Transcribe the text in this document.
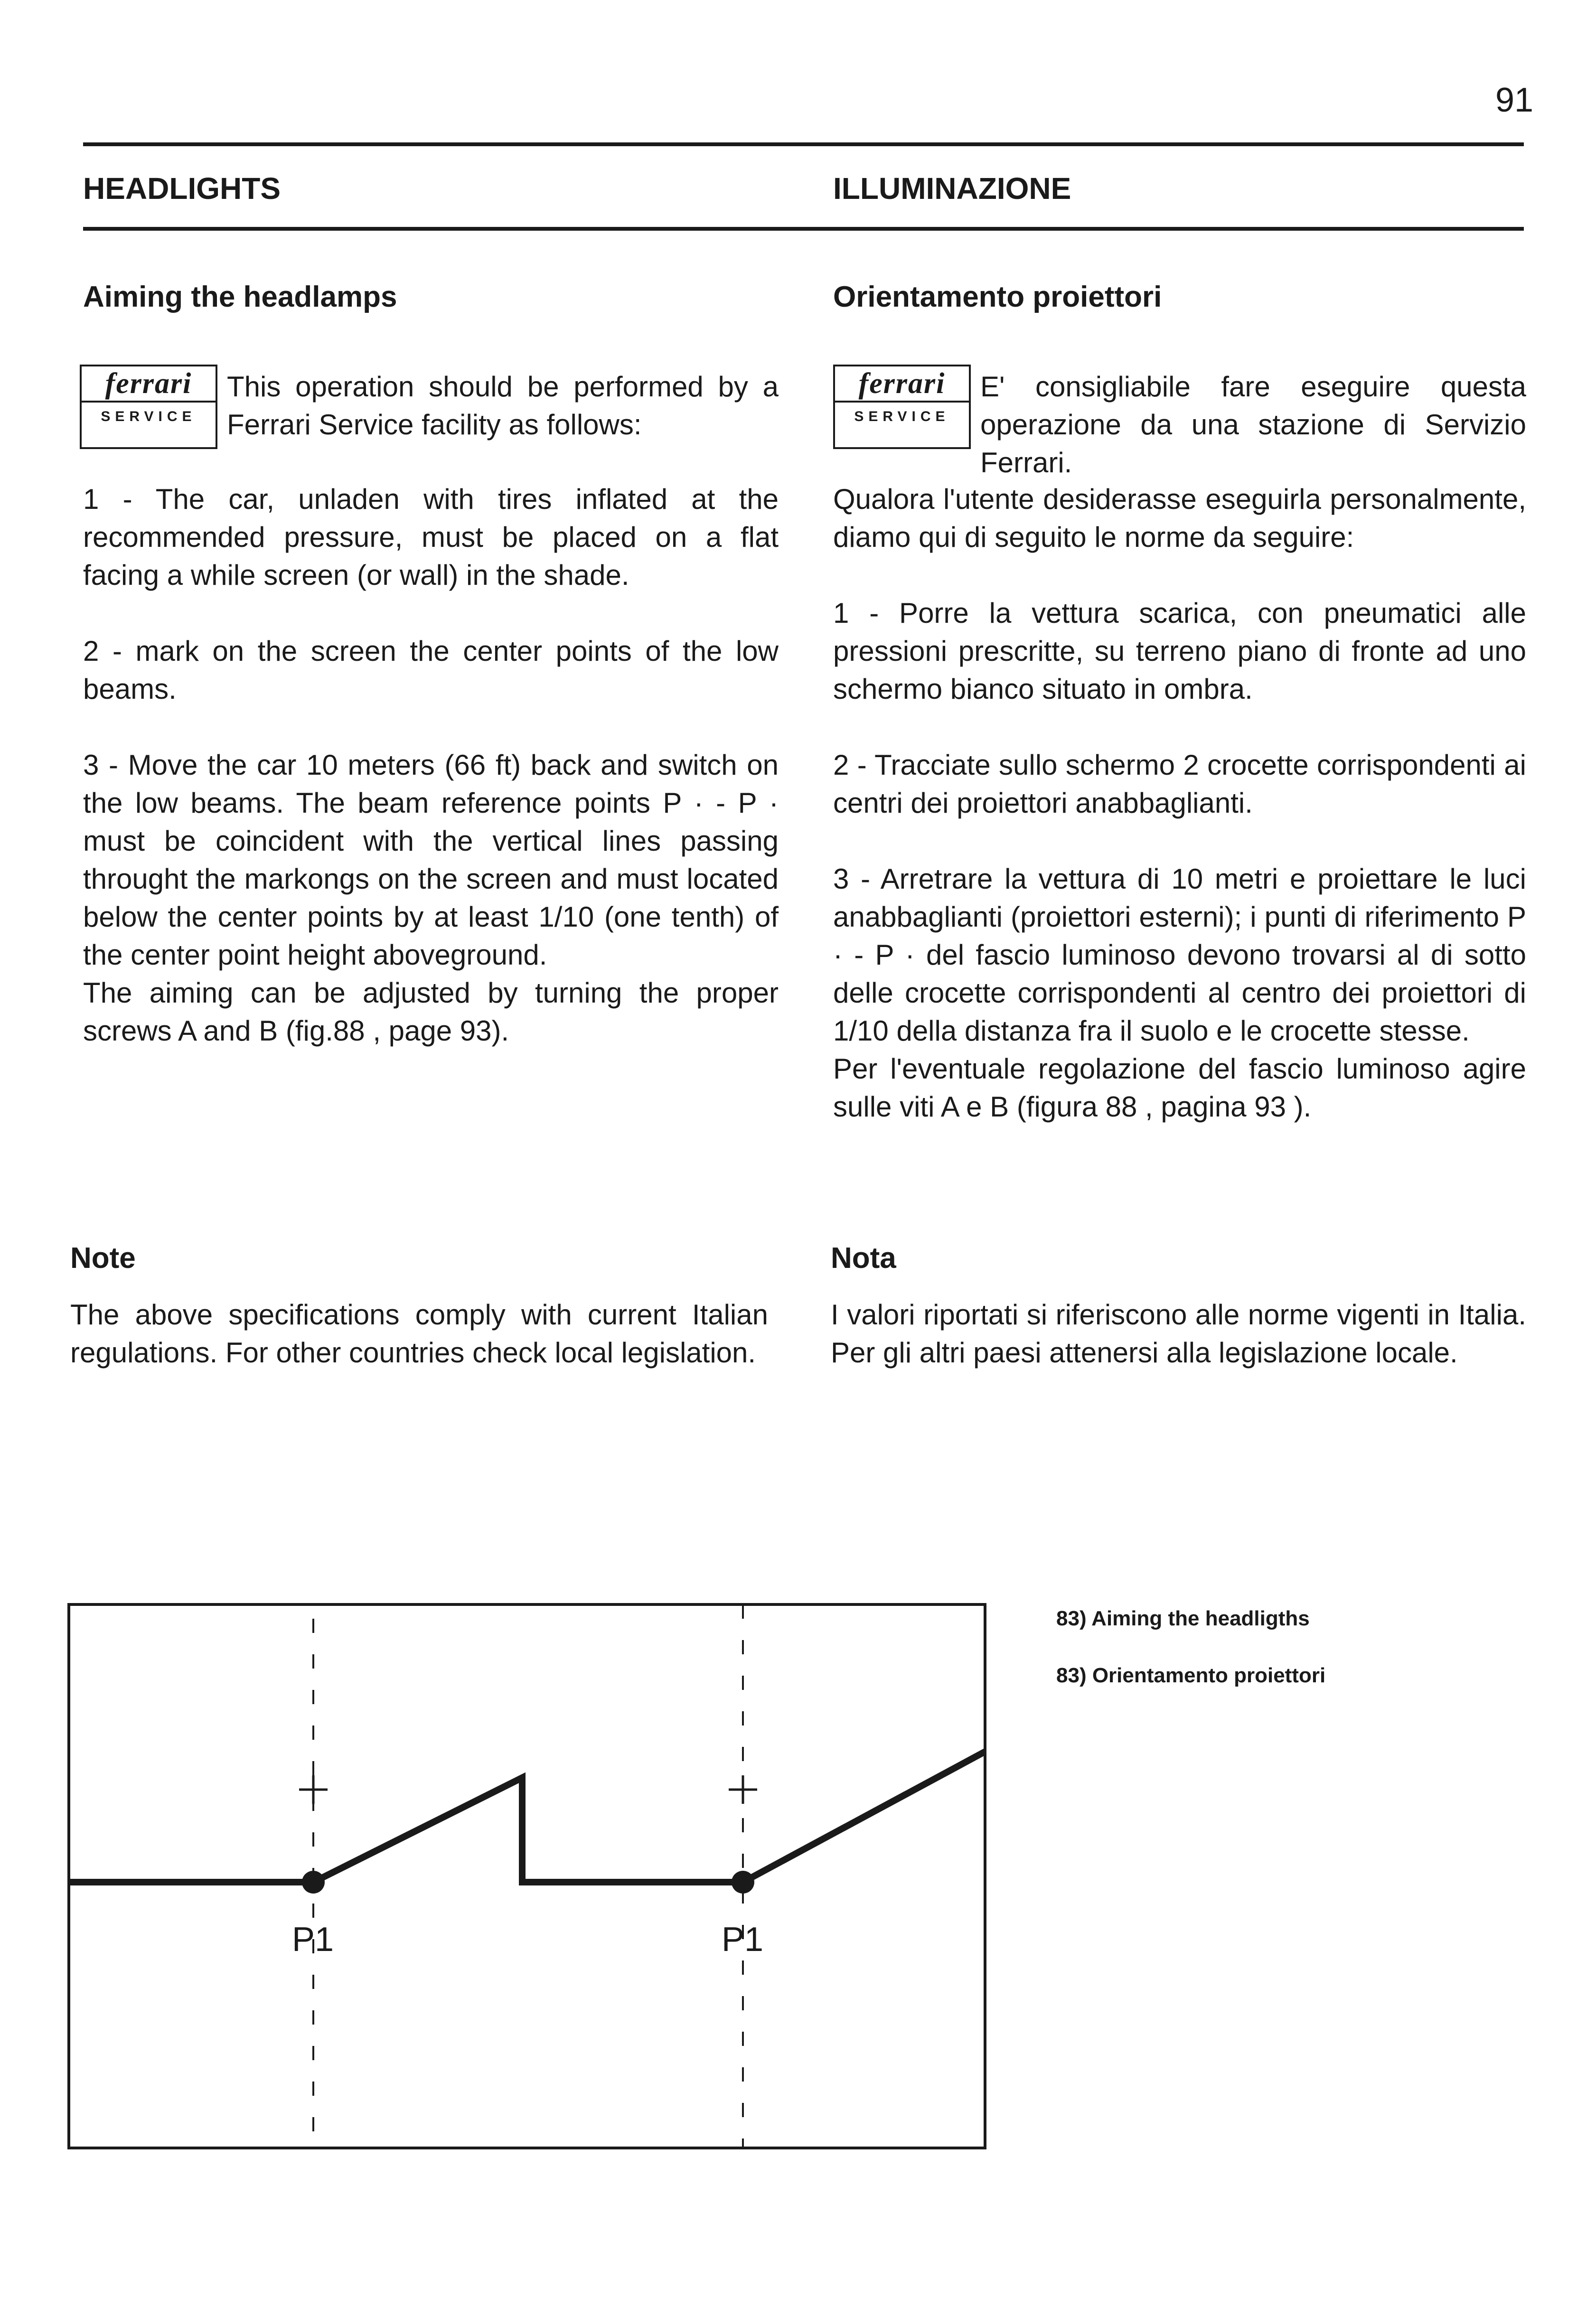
91
HEADLIGHTS	ILLUMINAZIONE
Aiming the headlamps
ferrari
SERVICE

This operation should be performed by a Ferrari Service facility as follows:

1 - The car, unladen with tires inflated at the recommended pressure, must be placed on a flat facing a while screen (or wall) in the shade.

2 - mark on the screen the center points of the low beams.

3 - Move the car 10 meters (66 ft) back and switch on the low beams. The beam reference points P · - P · must be coincident with the vertical lines passing throught the markongs on the screen and must located below the center points by at least 1/10 (one tenth) of the center point height aboveground.

The aiming can be adjusted by turning the proper screws A and B (fig.88 , page 93).

Note

The above specifications comply with current Italian regulations. For other countries check local legislation.

Orientamento proiettori
ferrari
SERVICE

E' consigliabile fare eseguire questa operazione da una stazione di Servizio Ferrari.

Qualora l'utente desiderasse eseguirla personalmente, diamo qui di seguito le norme da seguire:

1 - Porre la vettura scarica, con pneumatici alle pressioni prescritte, su terreno piano di fronte ad uno schermo bianco situato in ombra.

2 - Tracciate sullo schermo 2 crocette corrispondenti ai centri dei proiettori anabbaglianti.

3 - Arretrare la vettura di 10 metri e proiettare le luci anabbaglianti (proiettori esterni); i punti di riferimento P · - P · del fascio luminoso devono trovarsi al di sotto delle crocette corrispondenti al centro dei proiettori di 1/10 della distanza fra il suolo e le crocette stesse.

Per l'eventuale regolazione del fascio luminoso agire sulle viti A e B (figura 88 , pagina 93 ).

Nota

I valori riportati si riferiscono alle norme vigenti in Italia. Per gli altri paesi attenersi alla legislazione locale.

P1	P1
83) Aiming the headligths
83) Orientamento proiettori
